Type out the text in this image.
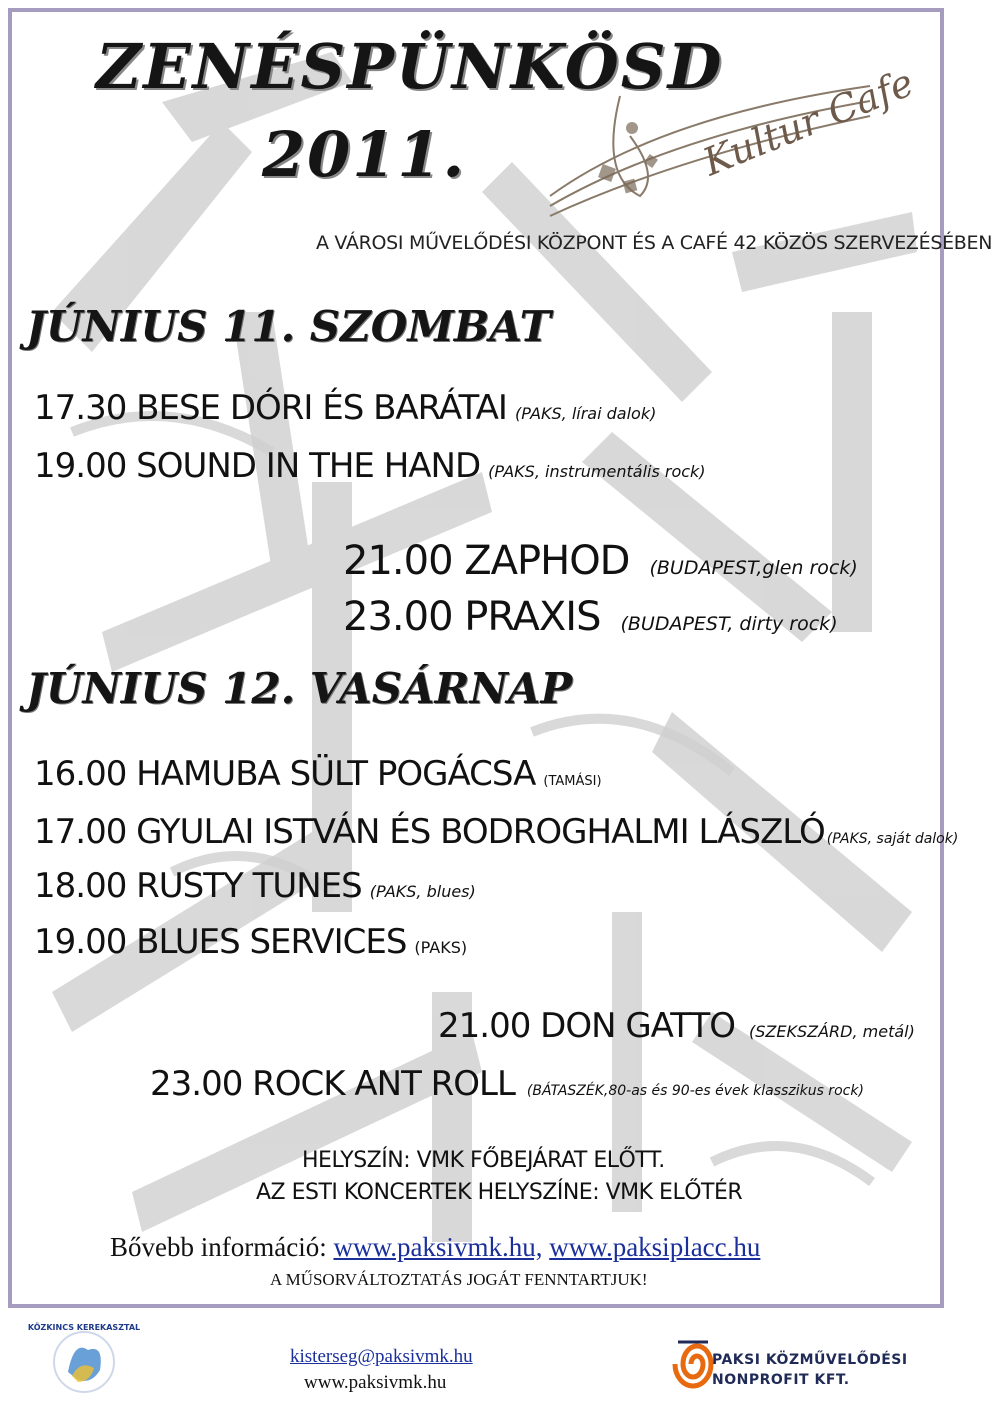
ZENÉSPÜNKÖSD
2011.	Kultur Cafe
A VÁROSI MŰVELŐDÉSI KÖZPONT ÉS A CAFÉ 42 KÖZÖS SZERVEZÉSÉBEN
JÚNIUS 11. SZOMBAT
17.30 BESE DÓRI ÉS BARÁTAI (PAKS, lírai dalok)
19.00 SOUND IN THE HAND (PAKS, instrumentális rock)
21.00 ZAPHOD (BUDAPEST,glen rock)
23.00 PRAXIS (BUDAPEST, dirty rock)
JÚNIUS 12. VASÁRNAP
16.00 HAMUBA SÜLT POGÁCSA (TAMÁSI)
17.00 GYULAI ISTVÁN ÉS BODROGHALMI LÁSZLÓ (PAKS, saját dalok)
18.00 RUSTY TUNES (PAKS, blues)
19.00 BLUES SERVICES (PAKS)
21.00 DON GATTO (SZEKSZÁRD, metál)
23.00 ROCK ANT ROLL (BÁTASZÉK,80-as és 90-es évek klasszikus rock)
HELYSZÍN: VMK FŐBEJÁRAT ELŐTT.
AZ ESTI KONCERTEK HELYSZÍNE: VMK ELŐTÉR
Bővebb információ: www.paksivmk.hu, www.paksiplacc.hu
A MŰSORVÁLTOZTATÁS JOGÁT FENNTARTJUK!
KÖZKINCS KEREKASZTAL
kisterseg@paksivmk.hu
www.paksivmk.hu
PAKSI KÖZMŰVELŐDÉSI
NONPROFIT KFT.
